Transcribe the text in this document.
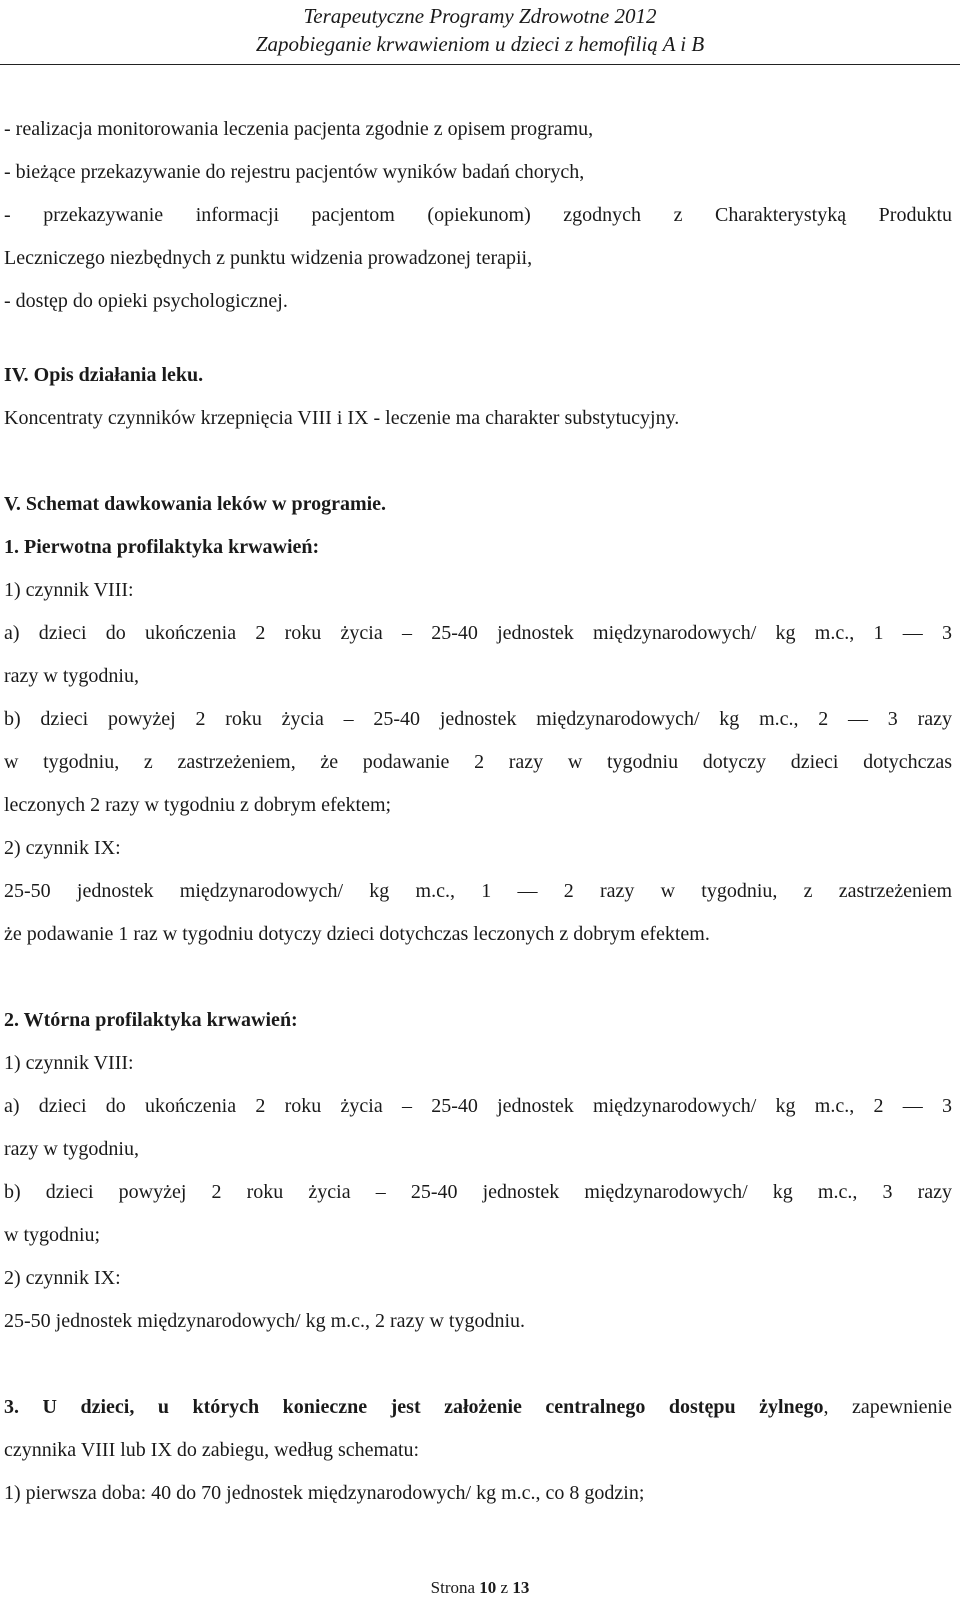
Terapeutyczne Programy Zdrowotne 2012
Zapobieganie krwawieniom u dzieci z hemofilią A i B
- realizacja monitorowania leczenia pacjenta zgodnie z opisem programu,
- bieżące przekazywanie do rejestru pacjentów wyników badań chorych,
- przekazywanie informacji pacjentom (opiekunom) zgodnych z Charakterystyką Produktu
Leczniczego niezbędnych z punktu widzenia prowadzonej terapii,
- dostęp do opieki psychologicznej.
IV. Opis działania leku.
Koncentraty czynników krzepnięcia VIII i IX - leczenie ma charakter substytucyjny.
V. Schemat dawkowania leków w programie.
1. Pierwotna profilaktyka krwawień:
1) czynnik VIII:
a) dzieci do ukończenia 2 roku życia – 25-40 jednostek międzynarodowych/ kg m.c., 1 — 3
razy w tygodniu,
b) dzieci powyżej 2 roku życia – 25-40 jednostek międzynarodowych/ kg m.c., 2 — 3 razy
w tygodniu, z zastrzeżeniem, że podawanie 2 razy w tygodniu dotyczy dzieci dotychczas
leczonych 2 razy w tygodniu z dobrym efektem;
2) czynnik IX:
25-50 jednostek międzynarodowych/ kg m.c., 1 — 2 razy w tygodniu, z zastrzeżeniem
że podawanie 1 raz w tygodniu dotyczy dzieci dotychczas leczonych z dobrym efektem.
2. Wtórna profilaktyka krwawień:
1) czynnik VIII:
a) dzieci do ukończenia 2 roku życia – 25-40 jednostek międzynarodowych/ kg m.c., 2 — 3
razy w tygodniu,
b) dzieci powyżej 2 roku życia – 25-40 jednostek międzynarodowych/ kg m.c., 3 razy
w tygodniu;
2) czynnik IX:
25-50 jednostek międzynarodowych/ kg m.c., 2 razy w tygodniu.
3. U dzieci, u których konieczne jest założenie centralnego dostępu żylnego, zapewnienie
czynnika VIII lub IX do zabiegu, według schematu:
1) pierwsza doba: 40 do 70 jednostek międzynarodowych/ kg m.c., co 8 godzin;
Strona 10 z 13
